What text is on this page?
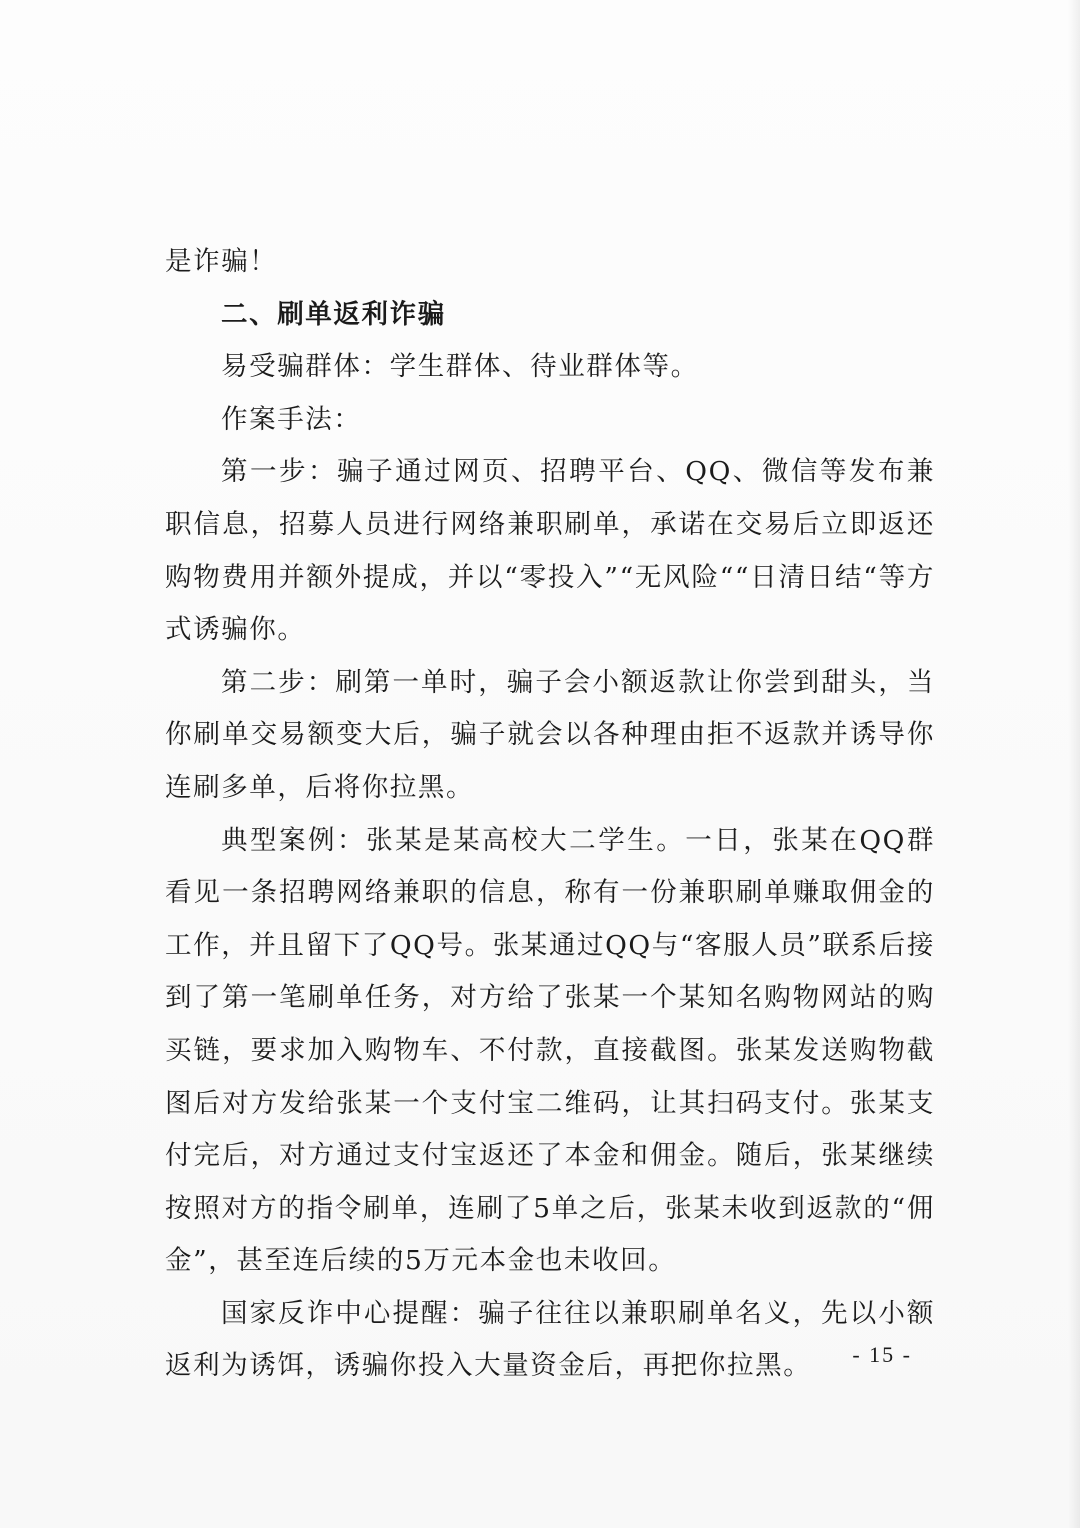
是诈骗！

二、刷单返利诈骗

易受骗群体：学生群体、待业群体等。

作案手法：

第一步：骗子通过网页、招聘平台、QQ、微信等发布兼职信息，招募人员进行网络兼职刷单，承诺在交易后立即返还购物费用并额外提成，并以“零投入”“无风险““日清日结“等方式诱骗你。

第二步：刷第一单时，骗子会小额返款让你尝到甜头，当你刷单交易额变大后，骗子就会以各种理由拒不返款并诱导你连刷多单，后将你拉黑。

典型案例：张某是某高校大二学生。一日，张某在QQ群看见一条招聘网络兼职的信息，称有一份兼职刷单赚取佣金的工作，并且留下了QQ号。张某通过QQ与“客服人员”联系后接到了第一笔刷单任务，对方给了张某一个某知名购物网站的购买链，要求加入购物车、不付款，直接截图。张某发送购物截图后对方发给张某一个支付宝二维码，让其扫码支付。张某支付完后，对方通过支付宝返还了本金和佣金。随后，张某继续按照对方的指令刷单，连刷了5单之后，张某未收到返款的“佣金”，甚至连后续的5万元本金也未收回。

国家反诈中心提醒：骗子往往以兼职刷单名义，先以小额返利为诱饵，诱骗你投入大量资金后，再把你拉黑。	- 15 -
